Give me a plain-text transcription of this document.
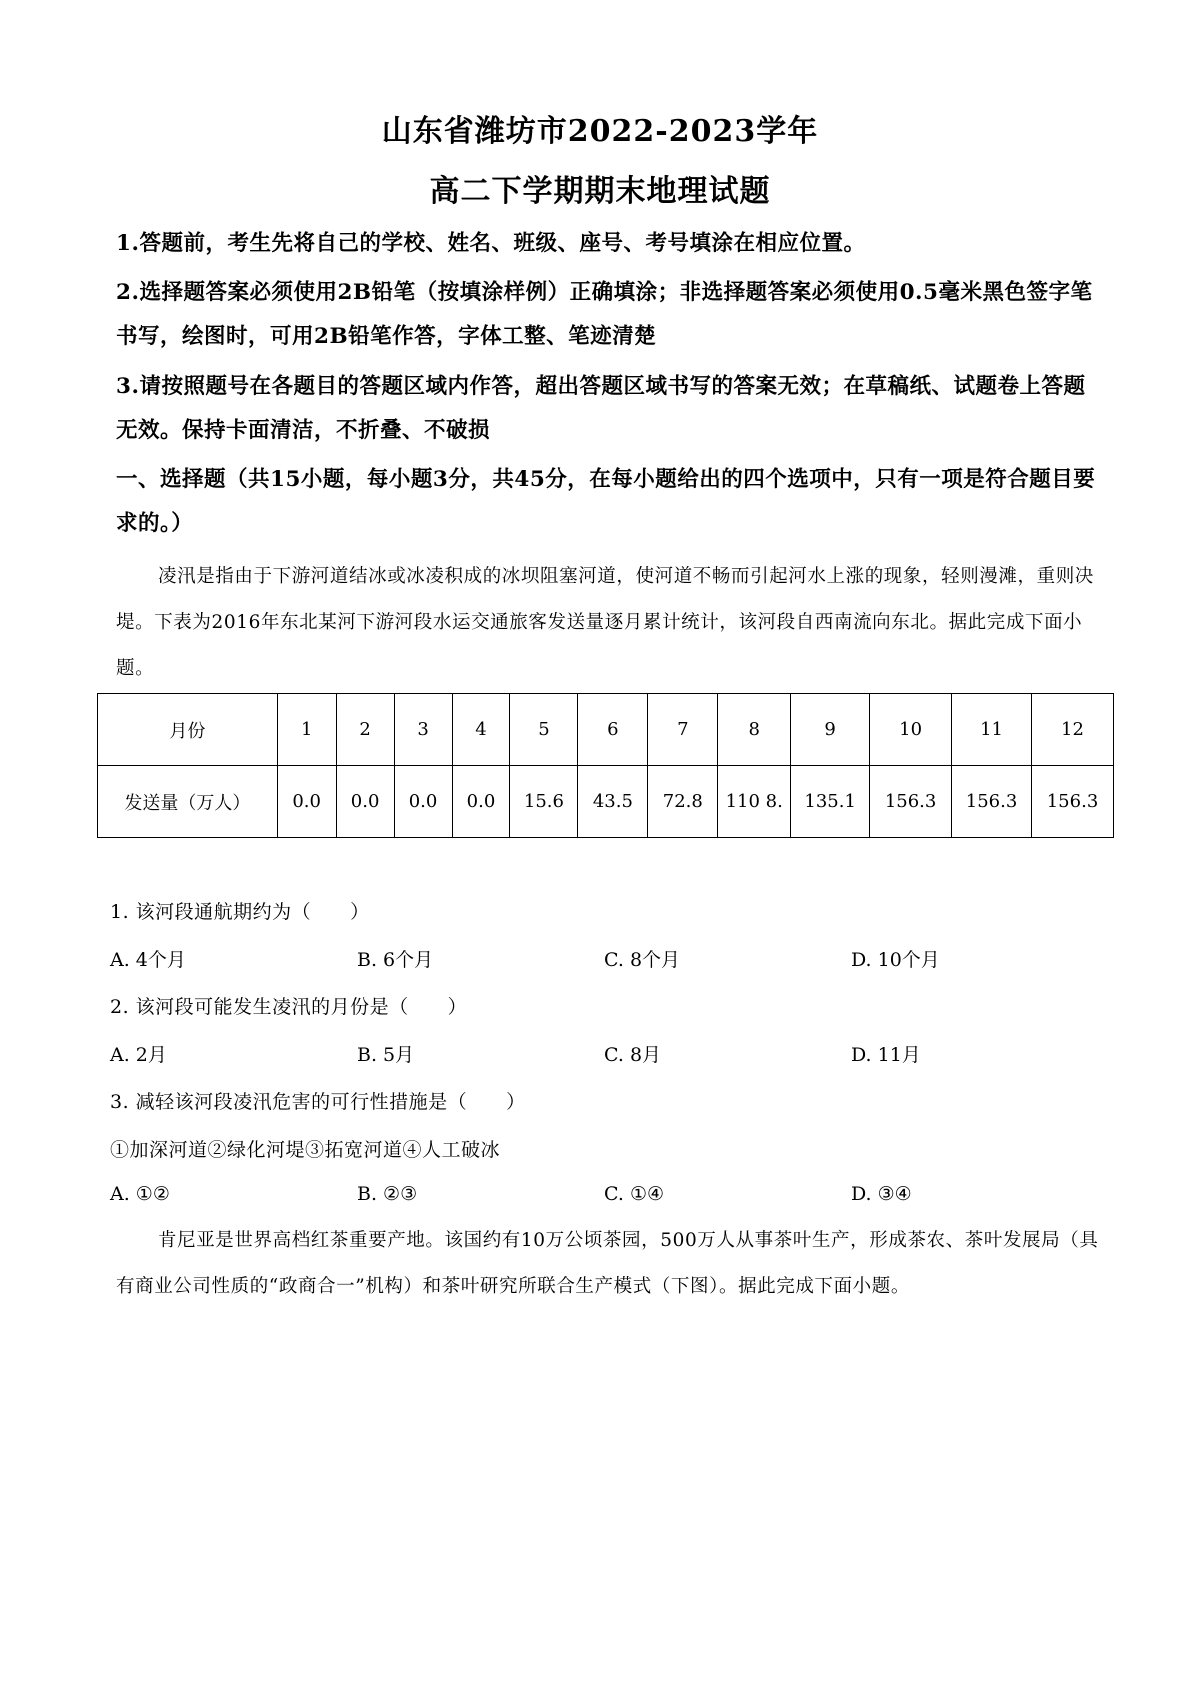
山东省潍坊市2022-2023学年
高二下学期期末地理试题
1.答题前，考生先将自己的学校、姓名、班级、座号、考号填涂在相应位置。
2.选择题答案必须使用2B铅笔（按填涂样例）正确填涂；非选择题答案必须使用0.5毫米黑色签字笔书写，绘图时，可用2B铅笔作答，字体工整、笔迹清楚
3.请按照题号在各题目的答题区域内作答，超出答题区域书写的答案无效；在草稿纸、试题卷上答题无效。保持卡面清洁，不折叠、不破损
一、选择题（共15小题，每小题3分，共45分，在每小题给出的四个选项中，只有一项是符合题目要求的。）
凌汛是指由于下游河道结冰或冰凌积成的冰坝阻塞河道，使河道不畅而引起河水上涨的现象，轻则漫滩，重则决堤。下表为2016年东北某河下游河段水运交通旅客发送量逐月累计统计，该河段自西南流向东北。据此完成下面小题。
月份	1	2	3	4	5	6	7	8	9	10	11	12
发送量（万人）	0.0	0.0	0.0	0.0	15.6	43.5	72.8	110 8.	135.1	156.3	156.3	156.3
1. 该河段通航期约为（　　）
A. 4个月	B. 6个月	C. 8个月	D. 10个月
2. 该河段可能发生凌汛的月份是（　　）
A. 2月	B. 5月	C. 8月	D. 11月
3. 减轻该河段凌汛危害的可行性措施是（　　）
①加深河道②绿化河堤③拓宽河道④人工破冰
A. ①②	B. ②③	C. ①④	D. ③④
肯尼亚是世界高档红茶重要产地。该国约有10万公顷茶园，500万人从事茶叶生产，形成茶农、茶叶发展局（具有商业公司性质的“政商合一”机构）和茶叶研究所联合生产模式（下图）。据此完成下面小题。
